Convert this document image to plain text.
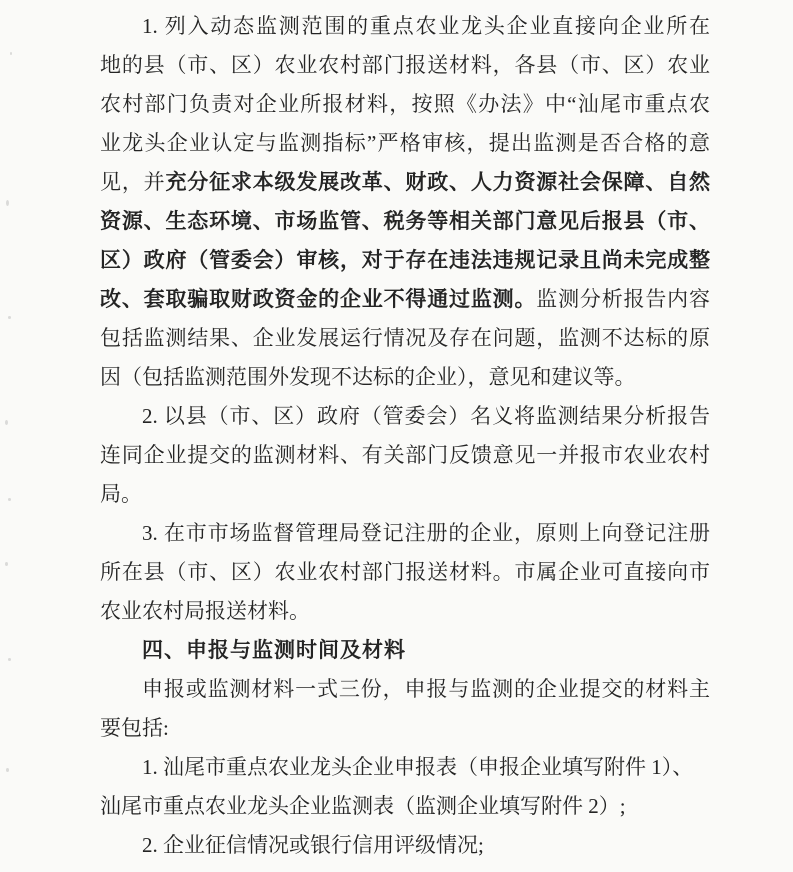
1. 列入动态监测范围的重点农业龙头企业直接向企业所在
地的县（市、区）农业农村部门报送材料，各县（市、区）农业
农村部门负责对企业所报材料，按照《办法》中“汕尾市重点农
业龙头企业认定与监测指标”严格审核，提出监测是否合格的意
见，并充分征求本级发展改革、财政、人力资源社会保障、自然
资源、生态环境、市场监管、税务等相关部门意见后报县（市、
区）政府（管委会）审核，对于存在违法违规记录且尚未完成整
改、套取骗取财政资金的企业不得通过监测。监测分析报告内容
包括监测结果、企业发展运行情况及存在问题，监测不达标的原
因（包括监测范围外发现不达标的企业），意见和建议等。
2. 以县（市、区）政府（管委会）名义将监测结果分析报告
连同企业提交的监测材料、有关部门反馈意见一并报市农业农村
局。
3. 在市市场监督管理局登记注册的企业，原则上向登记注册
所在县（市、区）农业农村部门报送材料。市属企业可直接向市
农业农村局报送材料。
四、申报与监测时间及材料
申报或监测材料一式三份，申报与监测的企业提交的材料主
要包括:
1. 汕尾市重点农业龙头企业申报表（申报企业填写附件 1）、
汕尾市重点农业龙头企业监测表（监测企业填写附件 2）;
2. 企业征信情况或银行信用评级情况;
